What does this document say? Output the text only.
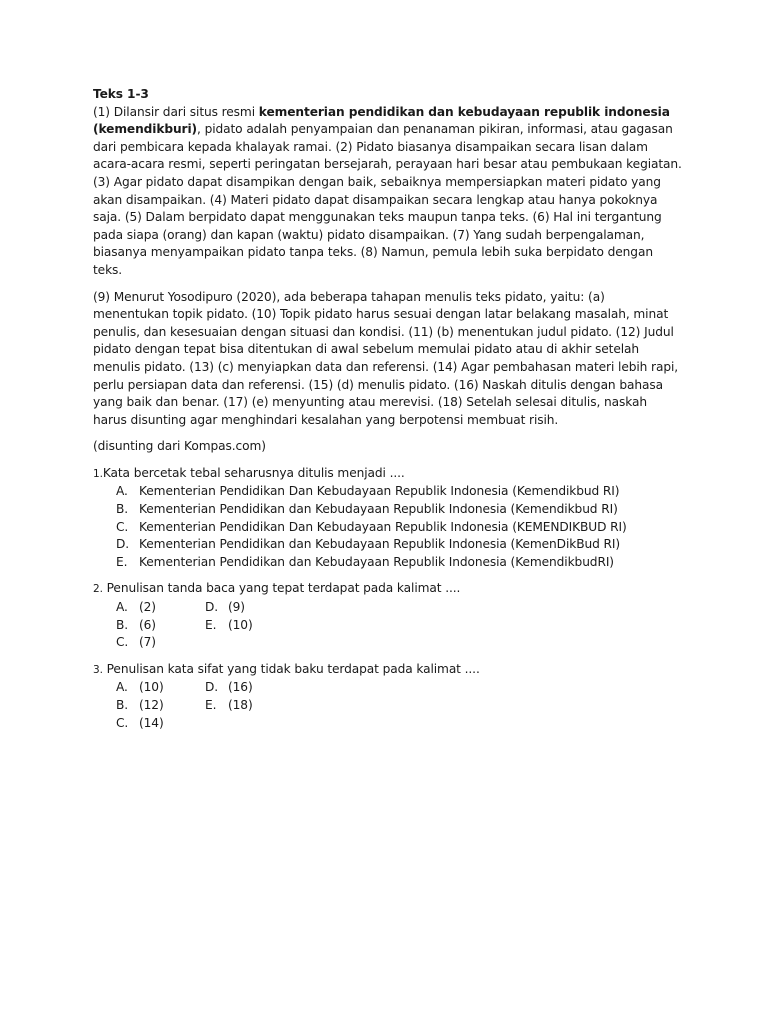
Teks 1-3

(1) Dilansir dari situs resmi kementerian pendidikan dan kebudayaan republik indonesia (kemendikburi), pidato adalah penyampaian dan penanaman pikiran, informasi, atau gagasan dari pembicara kepada khalayak ramai. (2) Pidato biasanya disampaikan secara lisan dalam acara-acara resmi, seperti peringatan bersejarah, perayaan hari besar atau pembukaan kegiatan. (3) Agar pidato dapat disampikan dengan baik, sebaiknya mempersiapkan materi pidato yang akan disampaikan. (4) Materi pidato dapat disampaikan secara lengkap atau hanya pokoknya saja. (5) Dalam berpidato dapat menggunakan teks maupun tanpa teks. (6) Hal ini tergantung pada siapa (orang) dan kapan (waktu) pidato disampaikan. (7) Yang sudah berpengalaman, biasanya menyampaikan pidato tanpa teks. (8) Namun, pemula lebih suka berpidato dengan teks.

(9) Menurut Yosodipuro (2020), ada beberapa tahapan menulis teks pidato, yaitu: (a) menentukan topik pidato. (10) Topik pidato harus sesuai dengan latar belakang masalah, minat penulis, dan kesesuaian dengan situasi dan kondisi. (11) (b) menentukan judul pidato. (12) Judul pidato dengan tepat bisa ditentukan di awal sebelum memulai pidato atau di akhir setelah menulis pidato. (13) (c) menyiapkan data dan referensi. (14) Agar pembahasan materi lebih rapi, perlu persiapan data dan referensi. (15) (d) menulis pidato. (16) Naskah ditulis dengan bahasa yang baik dan benar. (17) (e) menyunting atau merevisi. (18) Setelah selesai ditulis, naskah harus disunting agar menghindari kesalahan yang berpotensi membuat risih.

(disunting dari Kompas.com)

1.Kata bercetak tebal seharusnya ditulis menjadi ....

A. Kementerian Pendidikan Dan Kebudayaan Republik Indonesia (Kemendikbud RI)
B. Kementerian Pendidikan dan Kebudayaan Republik Indonesia (Kemendikbud RI)
C. Kementerian Pendidikan Dan Kebudayaan Republik Indonesia (KEMENDIKBUD RI)
D. Kementerian Pendidikan dan Kebudayaan Republik Indonesia (KemenDikBud RI)
E. Kementerian Pendidikan dan Kebudayaan Republik Indonesia (KemendikbudRI)

2. Penulisan tanda baca yang tepat terdapat pada kalimat ....

A. (2)	D. (9)
B. (6)	E. (10)
C. (7)

3. Penulisan kata sifat yang tidak baku terdapat pada kalimat ....

A. (10)	D. (16)
B. (12)	E. (18)
C. (14)
